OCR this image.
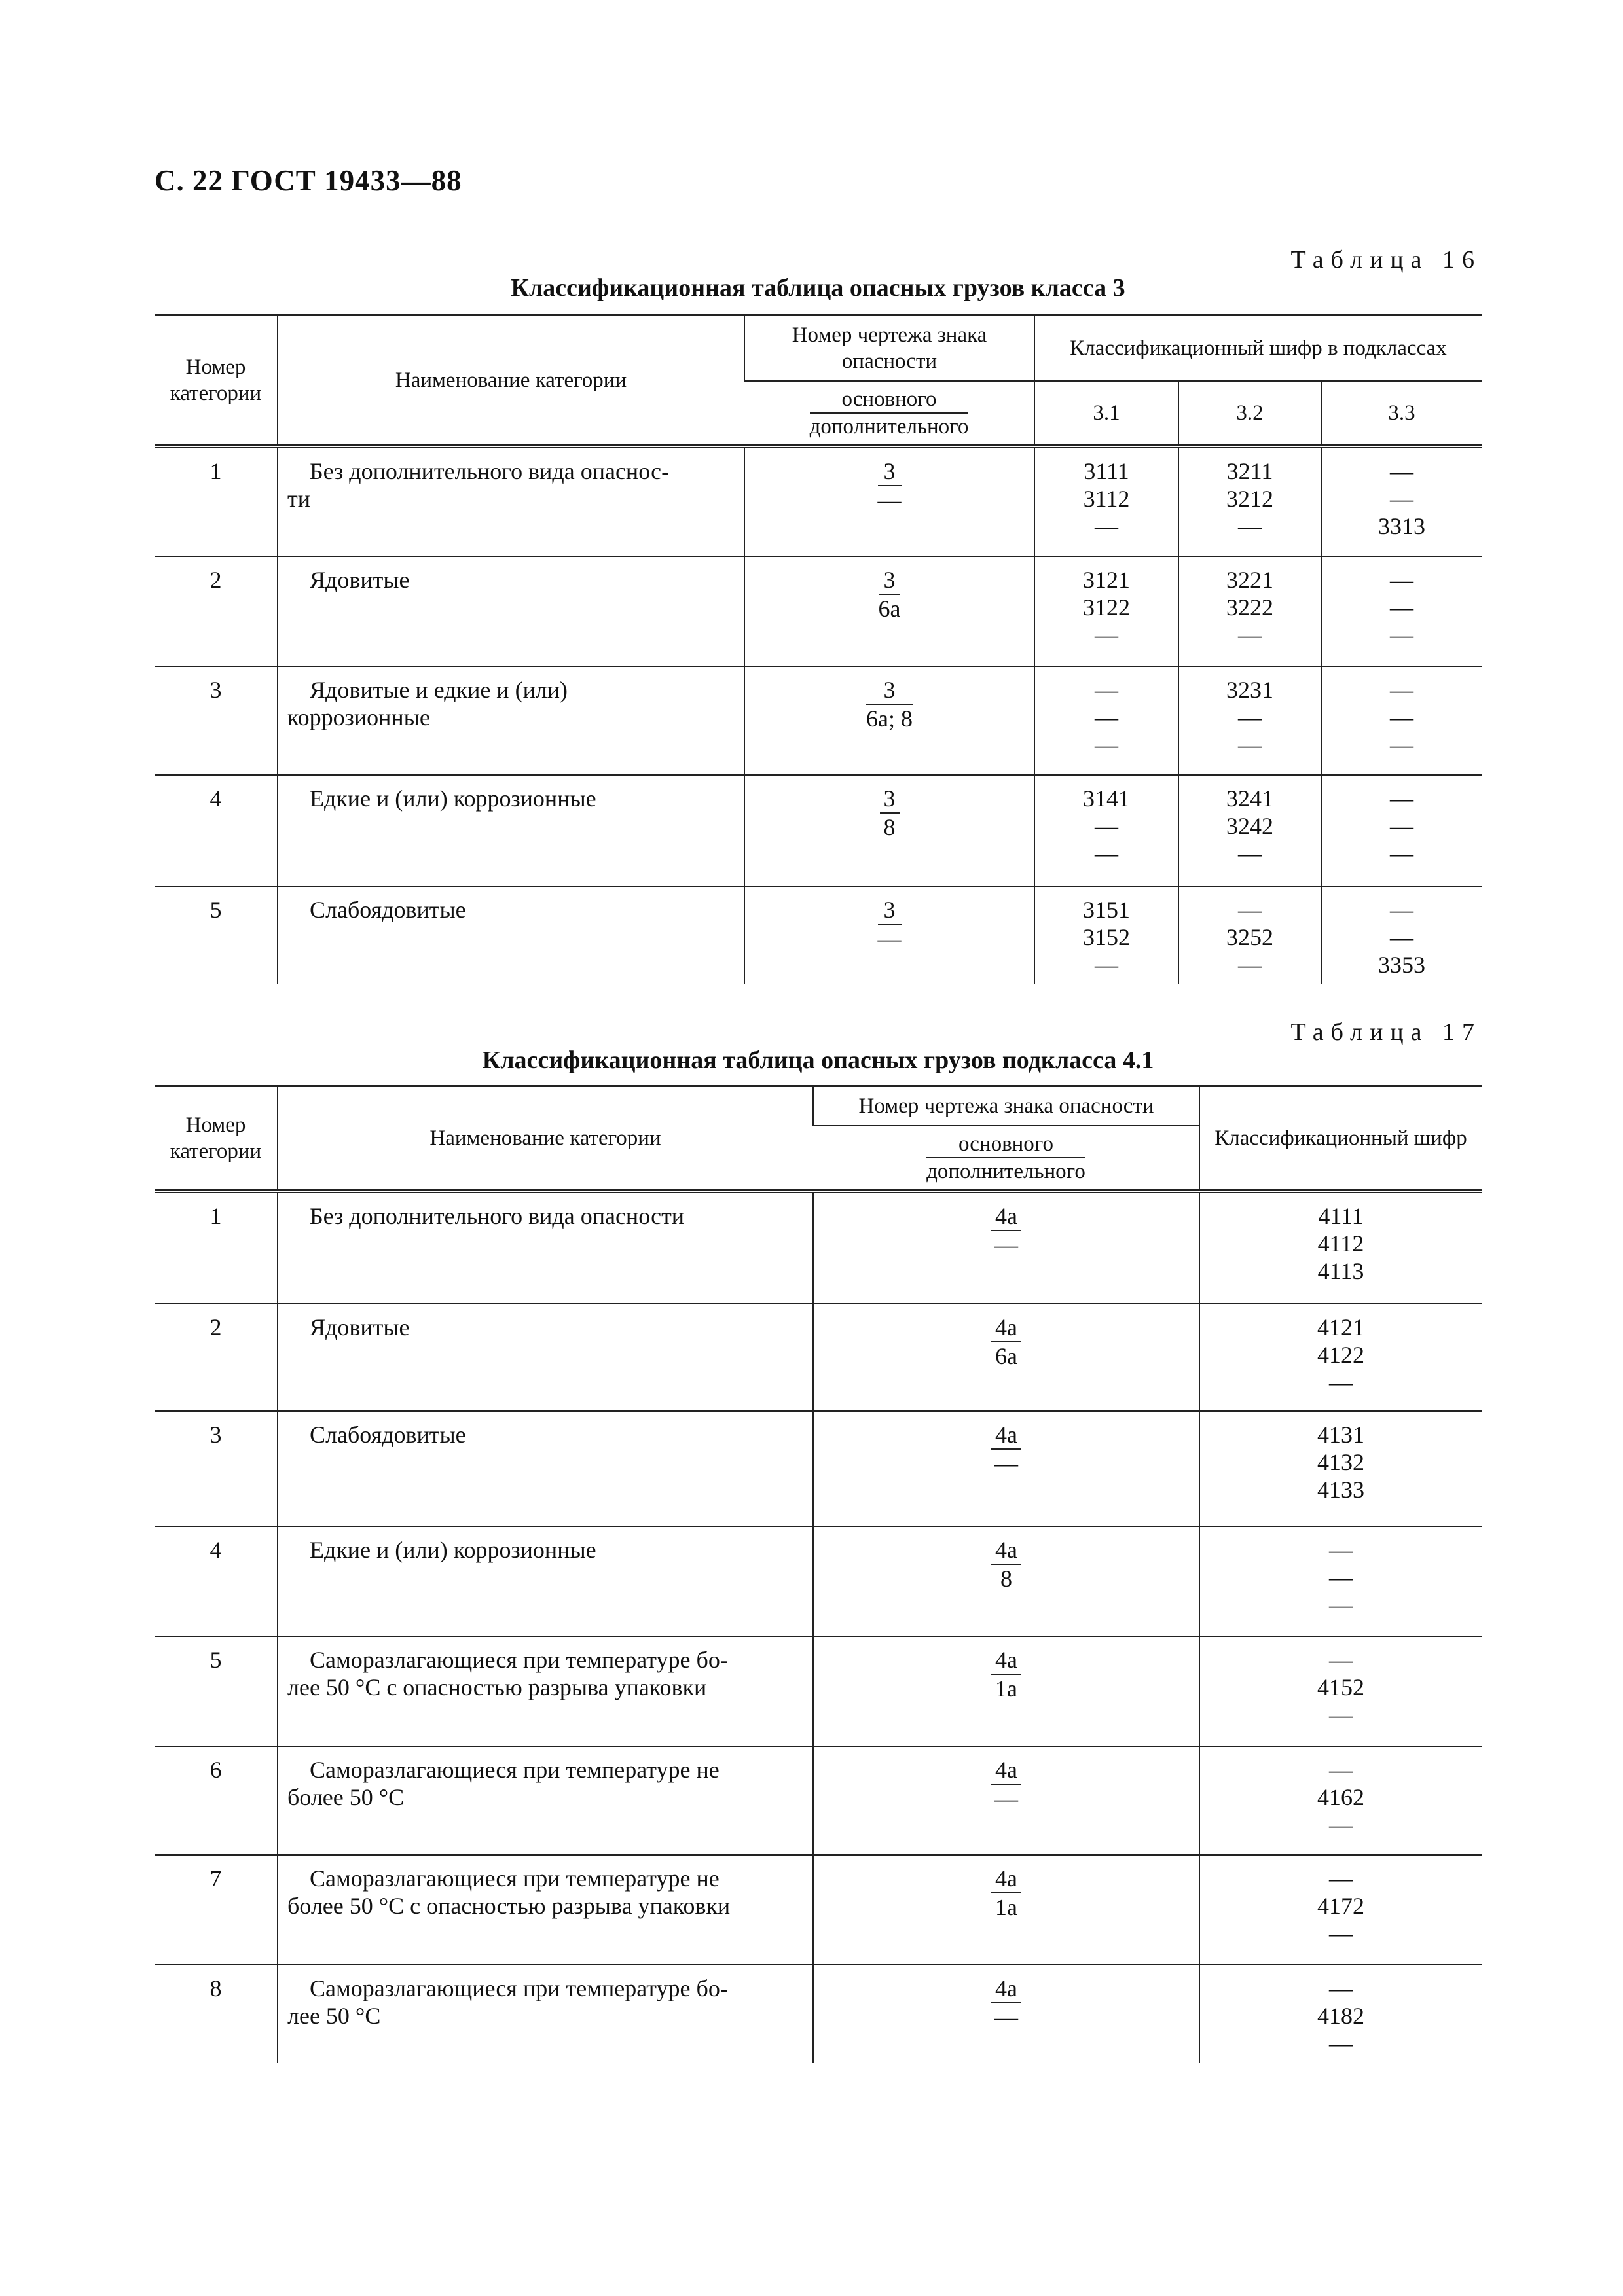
С. 22 ГОСТ 19433—88
Таблица 16
Классификационная таблица опасных грузов класса 3
Номер категории	Наименование категории	Номер чертежа знака опасности	Классификационный шифр в подклассах		

		$\frac{\text{основного}}{\text{дополнительного}}$	3.1	3.2	3.3
1	Без дополнительного вида опаснос-
ти	$\frac{3}{—}$	3111
3112
—	3211
3212
—	—
—
3313

2	Ядовитые	$\frac{3}{6а}$	3121
3122
—	3221
3222
—	—
—
—

3	Ядовитые и едкие и (или)
коррозионные	$\frac{3}{6а; 8}$	—
—
—	3231
—
—	—
—
—

4	Едкие и (или) коррозионные	$\frac{3}{8}$	3141
—
—	3241
3242
—	—
—
—

5	Слабоядовитые	$\frac{3}{—}$	3151
3152
—	—
3252
—	—
—
3353
Таблица 17
Классификационная таблица опасных грузов подкласса 4.1
Номер категории	Наименование категории	Номер чертежа знака опасности	Классификационный шифр

		$\frac{\text{основного}}{\text{дополнительного}}$
1	Без дополнительного вида опасности	$\frac{4а}{—}$	4111
4112
4113

2	Ядовитые	$\frac{4а}{6а}$	4121
4122
—

3	Слабоядовитые	$\frac{4а}{—}$	4131
4132
4133

4	Едкие и (или) коррозионные	$\frac{4а}{8}$	—
—
—

5	Саморазлагающиеся при температуре бо-
лее 50 °С с опасностью разрыва упаковки	$\frac{4а}{1а}$	—
4152
—

6	Саморазлагающиеся при температуре не
более 50 °С	$\frac{4а}{—}$	—
4162
—

7	Саморазлагающиеся при температуре не
более 50 °С с опасностью разрыва упаковки	$\frac{4а}{1а}$	—
4172
—

8	Саморазлагающиеся при температуре бо-
лее 50 °С	$\frac{4а}{—}$	—
4182
—
